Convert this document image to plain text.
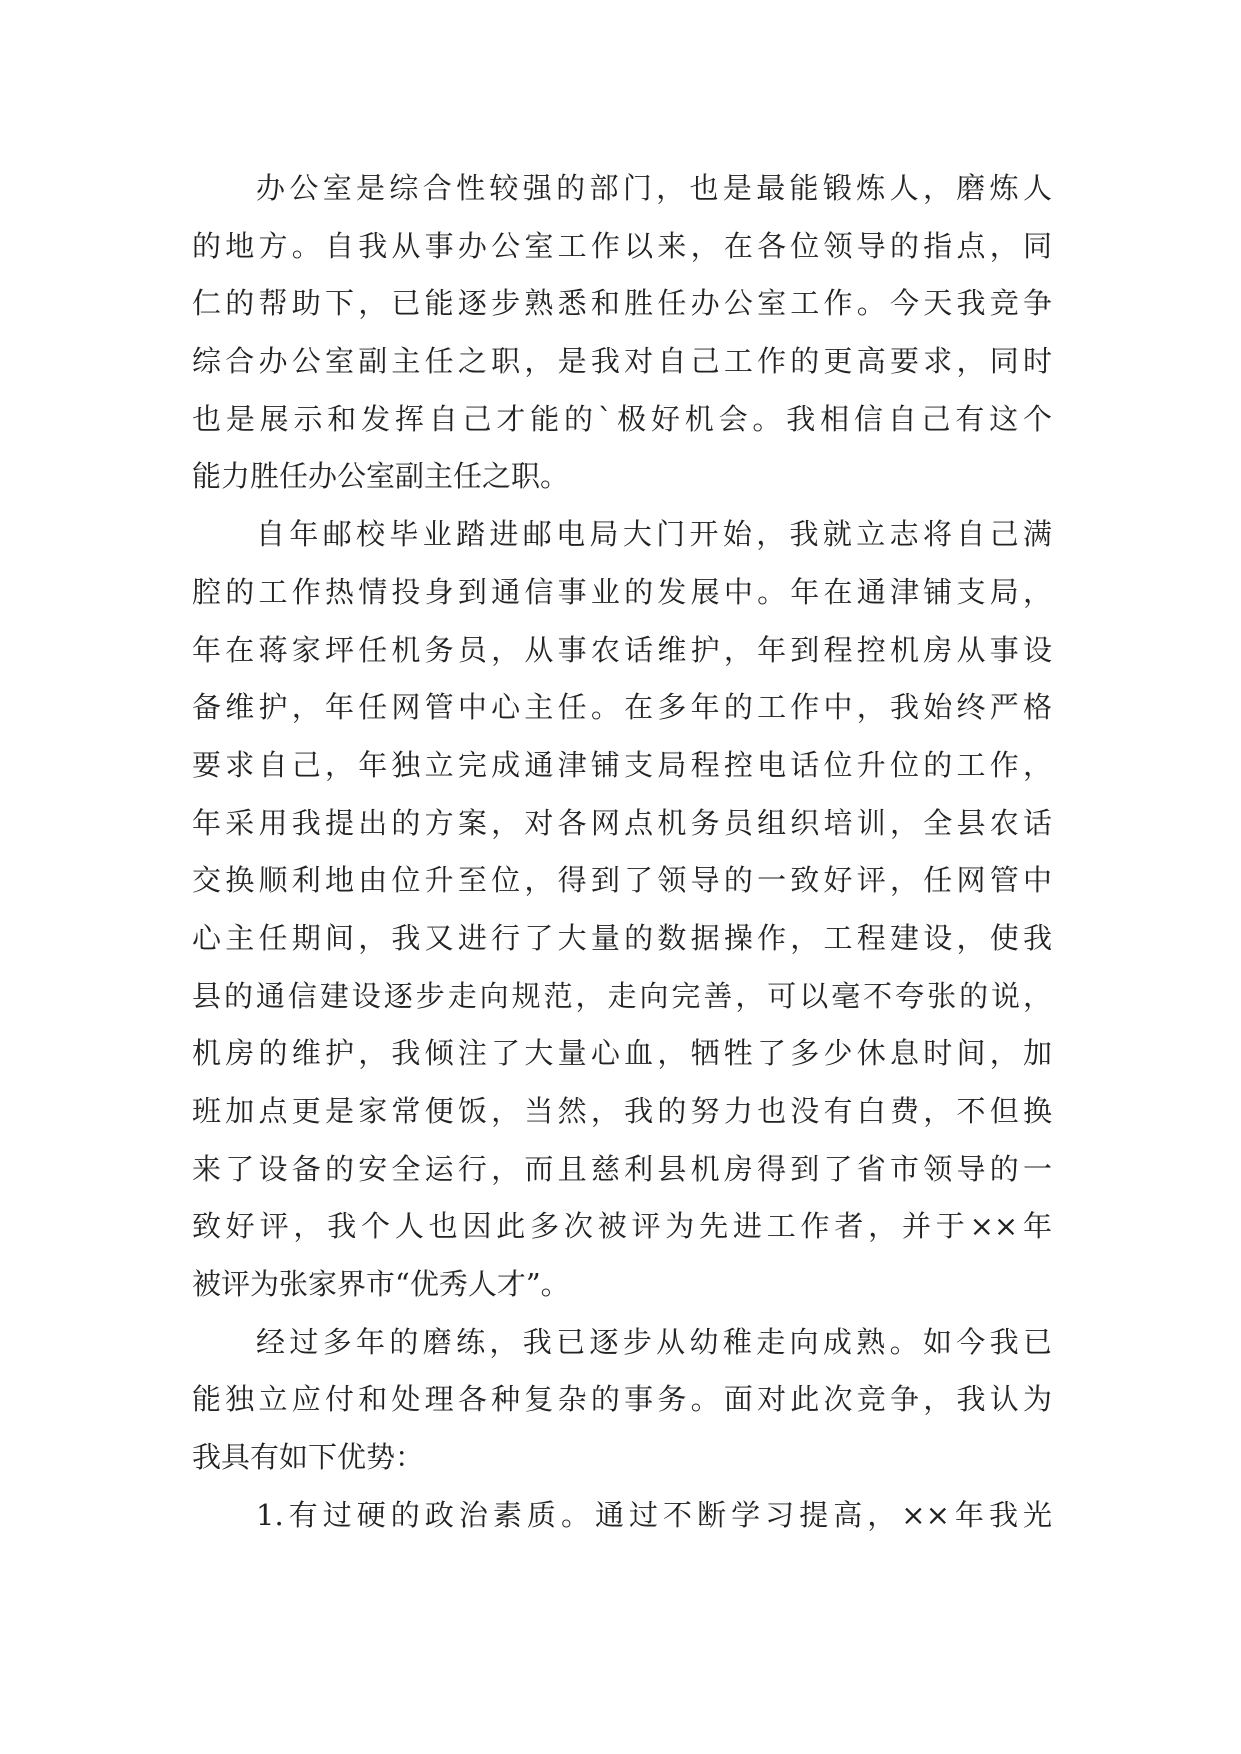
办公室是综合性较强的部门，也是最能锻炼人，磨炼人
的地方。自我从事办公室工作以来，在各位领导的指点，同
仁的帮助下，已能逐步熟悉和胜任办公室工作。今天我竞争
综合办公室副主任之职，是我对自己工作的更高要求，同时
也是展示和发挥自己才能的`极好机会。我相信自己有这个
能力胜任办公室副主任之职。
自年邮校毕业踏进邮电局大门开始，我就立志将自己满
腔的工作热情投身到通信事业的发展中。年在通津铺支局，
年在蒋家坪任机务员，从事农话维护，年到程控机房从事设
备维护，年任网管中心主任。在多年的工作中，我始终严格
要求自己，年独立完成通津铺支局程控电话位升位的工作，
年采用我提出的方案，对各网点机务员组织培训，全县农话
交换顺利地由位升至位，得到了领导的一致好评，任网管中
心主任期间，我又进行了大量的数据操作，工程建设，使我
县的通信建设逐步走向规范，走向完善，可以毫不夸张的说，
机房的维护，我倾注了大量心血，牺牲了多少休息时间，加
班加点更是家常便饭，当然，我的努力也没有白费，不但换
来了设备的安全运行，而且慈利县机房得到了省市领导的一
致好评，我个人也因此多次被评为先进工作者，并于××年
被评为张家界市“优秀人才”。
经过多年的磨练，我已逐步从幼稚走向成熟。如今我已
能独立应付和处理各种复杂的事务。面对此次竞争，我认为
我具有如下优势：
1.有过硬的政治素质。通过不断学习提高，××年我光
